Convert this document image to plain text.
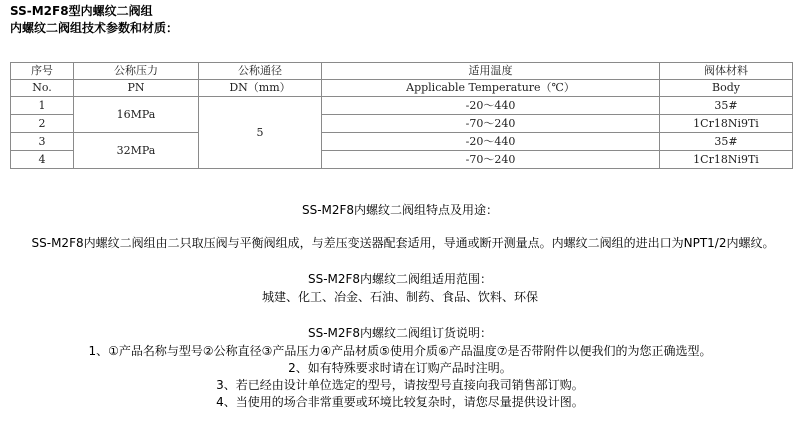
SS-M2F8型内螺纹二阀组
内螺纹二阀组技术参数和材质：
序号	公称压力	公称通径	适用温度	阀体材料
No.	PN	DN（mm）	Applicable Temperature（℃）	Body
1	16MPa	5	-20～440	35#
2			-70～240	1Cr18Ni9Ti
3	32MPa		-20～440	35#
4			-70～240	1Cr18Ni9Ti
SS-M2F8内螺纹二阀组特点及用途：
SS-M2F8内螺纹二阀组由二只取压阀与平衡阀组成，与差压变送器配套适用，导通或断开测量点。内螺纹二阀组的进出口为NPT1/2内螺纹。
SS-M2F8内螺纹二阀组适用范围：
城建、化工、冶金、石油、制药、食品、饮料、环保
SS-M2F8内螺纹二阀组订货说明：
1、①产品名称与型号②公称直径③产品压力④产品材质⑤使用介质⑥产品温度⑦是否带附件以便我们的为您正确选型。
2、如有特殊要求时请在订购产品时注明。
3、若已经由设计单位选定的型号，请按型号直接向我司销售部订购。
4、当使用的场合非常重要或环境比较复杂时，请您尽量提供设计图。
